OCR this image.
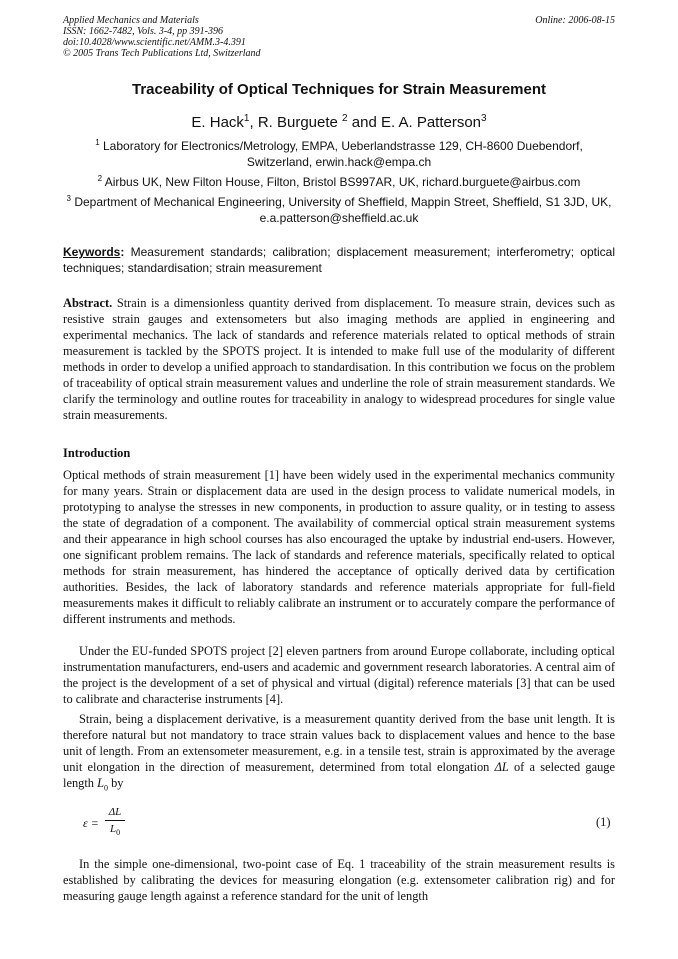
Applied Mechanics and Materials
ISSN: 1662-7482, Vols. 3-4, pp 391-396
doi:10.4028/www.scientific.net/AMM.3-4.391
© 2005 Trans Tech Publications Ltd, Switzerland
Online: 2006-08-15
Traceability of Optical Techniques for Strain Measurement
E. Hack$^1$, R. Burguete $^2$ and E. A. Patterson$^3$
$^1$ Laboratory for Electronics/Metrology, EMPA, Ueberlandstrasse 129, CH-8600 Duebendorf, Switzerland, erwin.hack@empa.ch
$^2$ Airbus UK, New Filton House, Filton, Bristol BS997AR, UK, richard.burguete@airbus.com
$^3$ Department of Mechanical Engineering, University of Sheffield, Mappin Street, Sheffield, S1 3JD, UK, e.a.patterson@sheffield.ac.uk
Keywords: Measurement standards; calibration; displacement measurement; interferometry; optical techniques; standardisation; strain measurement
Abstract. Strain is a dimensionless quantity derived from displacement. To measure strain, devices such as resistive strain gauges and extensometers but also imaging methods are applied in engineering and experimental mechanics. The lack of standards and reference materials related to optical methods of strain measurement is tackled by the SPOTS project. It is intended to make full use of the modularity of different methods in order to develop a unified approach to standardisation. In this contribution we focus on the problem of traceability of optical strain measurement values and underline the role of strain measurement standards. We clarify the terminology and outline routes for traceability in analogy to widespread procedures for single value strain measurements.
Introduction
Optical methods of strain measurement [1] have been widely used in the experimental mechanics community for many years. Strain or displacement data are used in the design process to validate numerical models, in prototyping to analyse the stresses in new components, in production to assure quality, or in testing to assess the state of degradation of a component. The availability of commercial optical strain measurement systems and their appearance in high school courses has also encouraged the uptake by industrial end-users. However, one significant problem remains. The lack of standards and reference materials, specifically related to optical methods for strain measurement, has hindered the acceptance of optically derived data by certification authorities. Besides, the lack of laboratory standards and reference materials appropriate for full-field measurements makes it difficult to reliably calibrate an instrument or to accurately compare the performance of different instruments and methods.
Under the EU-funded SPOTS project [2] eleven partners from around Europe collaborate, including optical instrumentation manufacturers, end-users and academic and government research laboratories. A central aim of the project is the development of a set of physical and virtual (digital) reference materials [3] that can be used to calibrate and characterise instruments [4].
Strain, being a displacement derivative, is a measurement quantity derived from the base unit length. It is therefore natural but not mandatory to trace strain values back to displacement values and hence to the base unit of length. From an extensometer measurement, e.g. in a tensile test, strain is approximated by the average unit elongation in the direction of measurement, determined from total elongation ΔL of a selected gauge length $L_0$ by
ε =
ΔL
$L_0$
(1)
In the simple one-dimensional, two-point case of Eq. 1 traceability of the strain measurement results is established by calibrating the devices for measuring elongation (e.g. extensometer calibration rig) and for measuring gauge length against a reference standard for the unit of length
